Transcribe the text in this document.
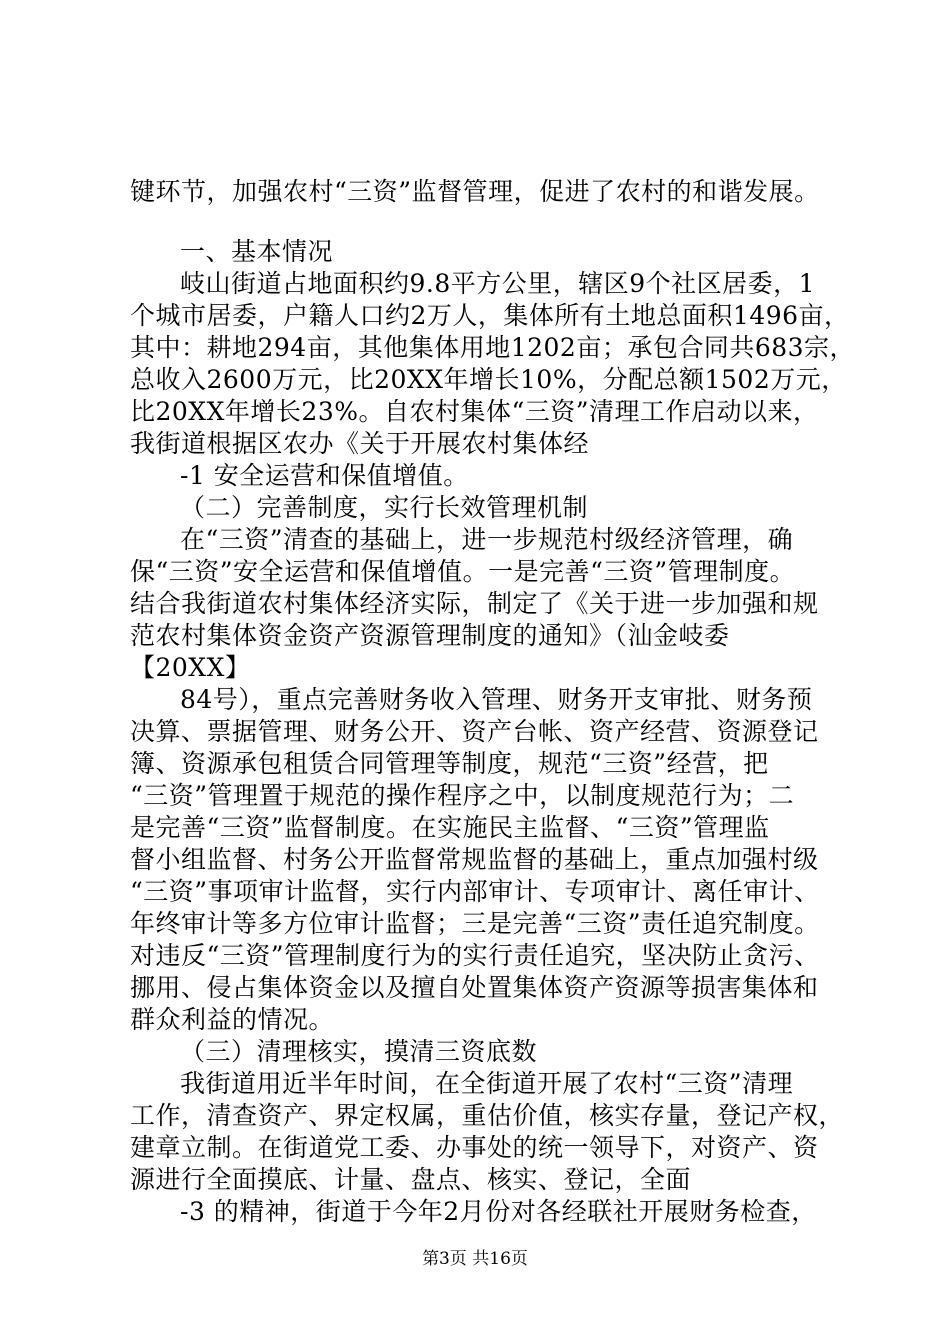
键环节，加强农村“三资”监督管理，促进了农村的和谐发展。
一、基本情况
岐山街道占地面积约9.8平方公里，辖区9个社区居委，1
个城市居委，户籍人口约2万人，集体所有土地总面积1496亩，
其中：耕地294亩，其他集体用地1202亩；承包合同共683宗，
总收入2600万元，比20XX年增长10%，分配总额1502万元，
比20XX年增长23%。自农村集体“三资”清理工作启动以来，
我街道根据区农办《关于开展农村集体经
-1 安全运营和保值增值。
（二）完善制度，实行长效管理机制
在“三资”清查的基础上，进一步规范村级经济管理，确
保“三资”安全运营和保值增值。一是完善“三资”管理制度。
结合我街道农村集体经济实际，制定了《关于进一步加强和规
范农村集体资金资产资源管理制度的通知》（汕金岐委
【20XX】
84号），重点完善财务收入管理、财务开支审批、财务预
决算、票据管理、财务公开、资产台帐、资产经营、资源登记
簿、资源承包租赁合同管理等制度，规范“三资”经营，把
“三资”管理置于规范的操作程序之中，以制度规范行为；二
是完善“三资”监督制度。在实施民主监督、“三资”管理监
督小组监督、村务公开监督常规监督的基础上，重点加强村级
“三资”事项审计监督，实行内部审计、专项审计、离任审计、
年终审计等多方位审计监督；三是完善“三资”责任追究制度。
对违反“三资”管理制度行为的实行责任追究，坚决防止贪污、
挪用、侵占集体资金以及擅自处置集体资产资源等损害集体和
群众利益的情况。
（三）清理核实，摸清三资底数
我街道用近半年时间，在全街道开展了农村“三资”清理
工作，清查资产、界定权属，重估价值，核实存量，登记产权，
建章立制。在街道党工委、办事处的统一领导下，对资产、资
源进行全面摸底、计量、盘点、核实、登记，全面
-3 的精神，街道于今年2月份对各经联社开展财务检查，
第3页 共16页
